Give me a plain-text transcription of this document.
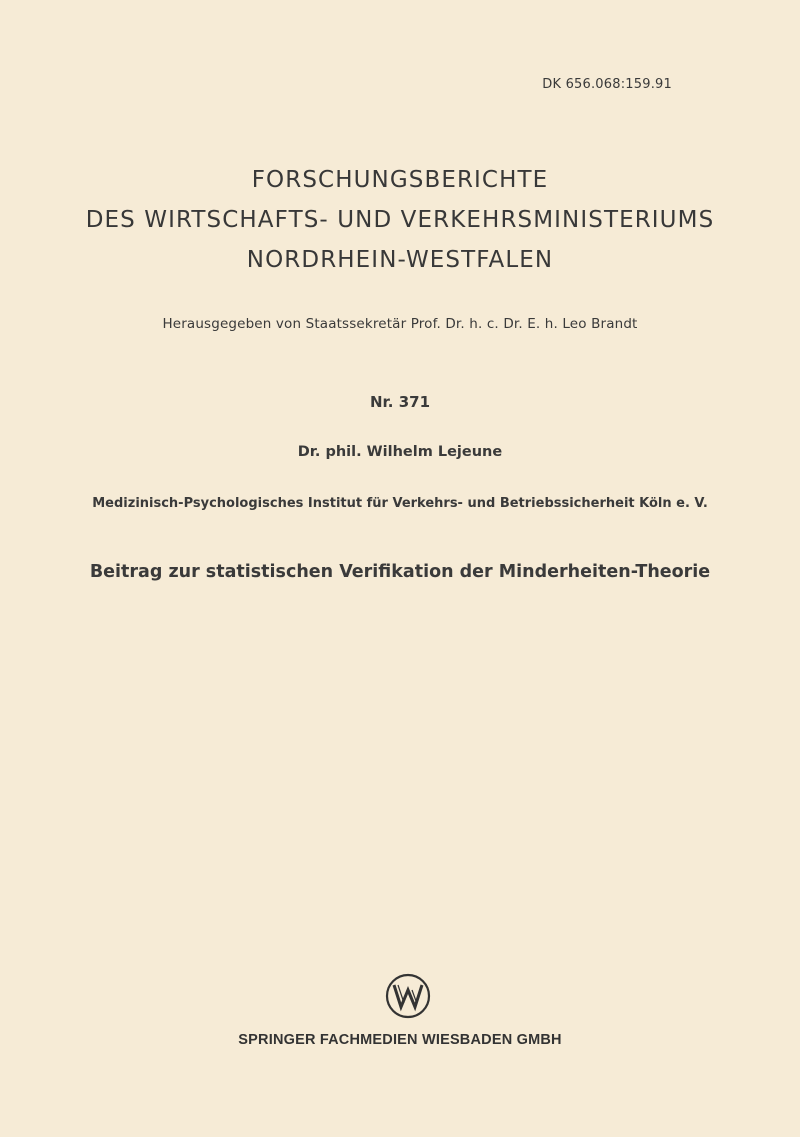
DK 656.068:159.91
FORSCHUNGSBERICHTE
DES WIRTSCHAFTS- UND VERKEHRSMINISTERIUMS
NORDRHEIN-WESTFALEN
Herausgegeben von Staatssekretär Prof. Dr. h. c. Dr. E. h. Leo Brandt
Nr. 371
Dr. phil. Wilhelm Lejeune
Medizinisch-Psychologisches Institut für Verkehrs- und Betriebssicherheit Köln e. V.
Beitrag zur statistischen Verifikation der Minderheiten-Theorie
SPRINGER FACHMEDIEN WIESBADEN GMBH
